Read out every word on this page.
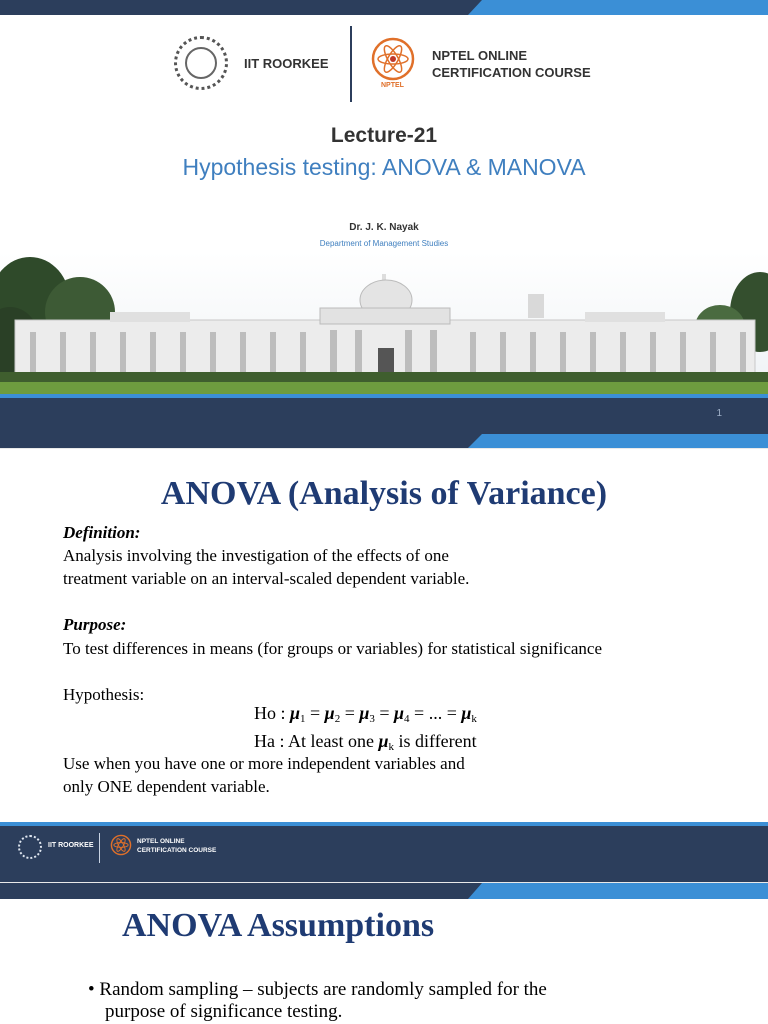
IIT ROORKEE
NPTEL
NPTEL ONLINE
CERTIFICATION COURSE
Lecture-21
Hypothesis testing: ANOVA & MANOVA
Dr. J. K. Nayak
Department of Management Studies
1
ANOVA (Analysis of Variance)
Definition:
Analysis involving the investigation of the effects of one
treatment variable on an interval-scaled dependent variable.
Purpose:
To test differences in means (for groups or variables) for statistical significance
Hypothesis:
Ho : $\mu_1 = \mu_2 = \mu_3 = \mu_4$ = ... = $\mu_k$
Ha : At least one $\mu_k$ is different
Use when you have one or more independent variables and
only ONE dependent variable.
IIT ROORKEE
NPTEL ONLINE
CERTIFICATION COURSE
ANOVA Assumptions
• Random sampling – subjects are randomly sampled for the
purpose of significance testing.
